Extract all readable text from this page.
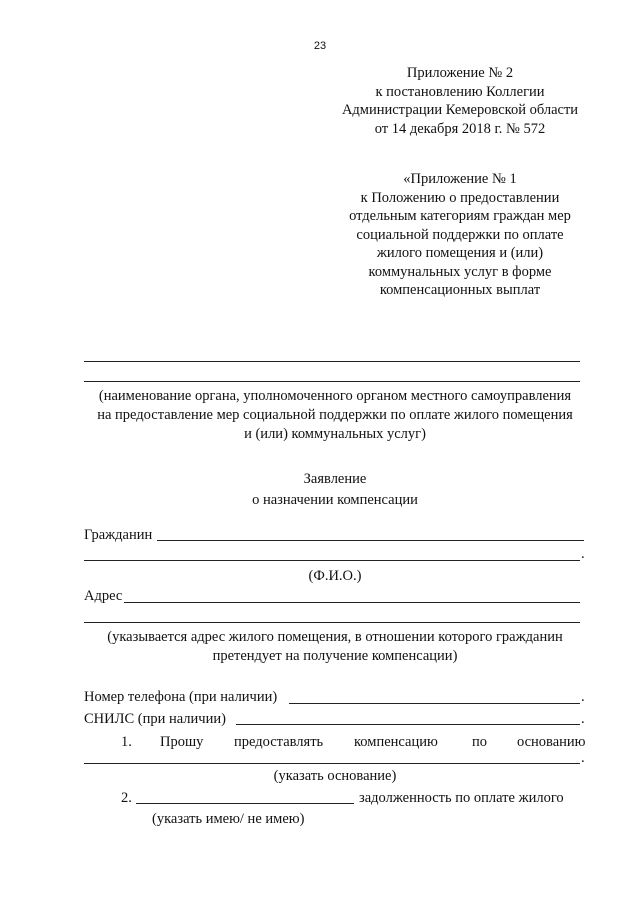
23
Приложение № 2
к постановлению Коллегии
Администрации Кемеровской области
от 14 декабря 2018 г. № 572
«Приложение № 1
к Положению о предоставлении
отдельным категориям граждан мер
социальной поддержки по оплате
жилого помещения и (или)
коммунальных услуг в форме
компенсационных выплат
(наименование органа, уполномоченного органом местного самоуправления
на предоставление мер социальной поддержки по оплате жилого помещения
и (или) коммунальных услуг)
Заявление
о назначении компенсации
Гражданин
.
(Ф.И.О.)
Адрес
(указывается адрес жилого помещения, в отношении которого гражданин
претендует на получение компенсации)
Номер телефона (при наличии)	.
СНИЛС (при наличии)	.
1. Прошу предоставлять компенсацию по основанию
.
(указать основание)
2.	задолженность по оплате жилого
(указать имею/ не имею)
